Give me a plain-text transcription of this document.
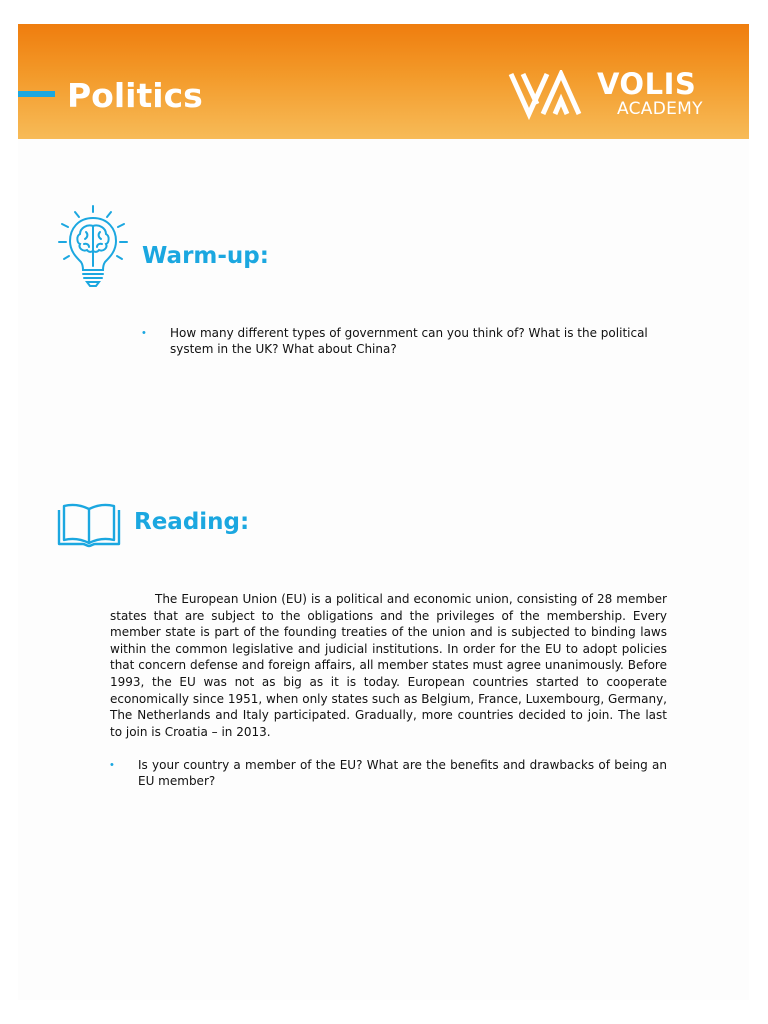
Politics	VOLIS
ACADEMY
Warm-up:
• How many different types of government can you think of? What is the political system in the UK? What about China?
Reading:

The European Union (EU) is a political and economic union, consisting of 28 member states that are subject to the obligations and the privileges of the membership. Every member state is part of the founding treaties of the union and is subjected to binding laws within the common legislative and judicial institutions. In order for the EU to adopt policies that concern defense and foreign affairs, all member states must agree unanimously. Before 1993, the EU was not as big as it is today. European countries started to cooperate economically since 1951, when only states such as Belgium, France, Luxembourg, Germany, The Netherlands and Italy participated. Gradually, more countries decided to join. The last to join is Croatia – in 2013.

• Is your country a member of the EU? What are the benefits and drawbacks of being an EU member?
